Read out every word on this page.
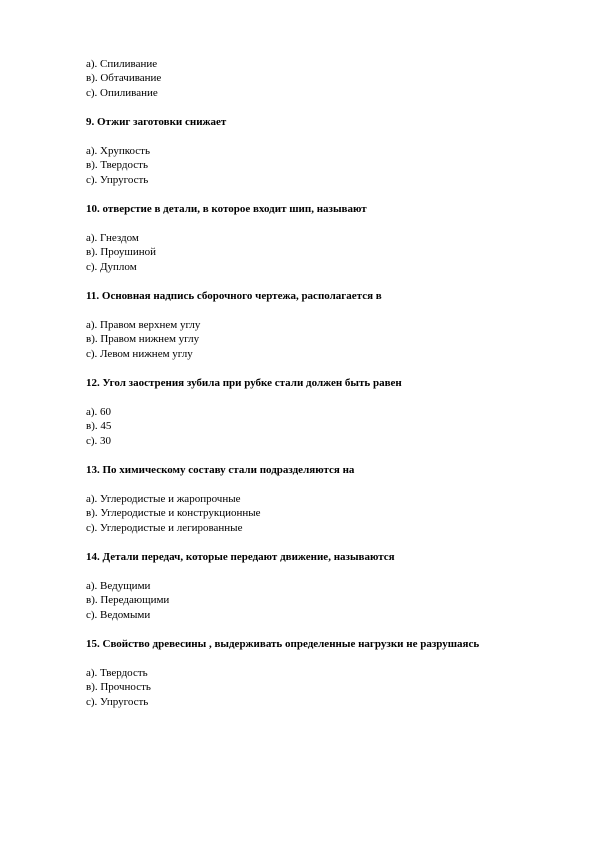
а). Спиливание
в). Обтачивание
с). Опиливание
9. Отжиг заготовки снижает
а). Хрупкость
в). Твердость
с). Упругость
10. отверстие в детали, в которое входит шип, называют
а). Гнездом
в). Проушиной
с). Дуплом
11. Основная надпись сборочного чертежа, располагается в
а). Правом верхнем углу
в). Правом нижнем углу
с). Левом нижнем углу
12. Угол заострения зубила при рубке стали должен быть равен
а). 60
в). 45
с). 30
13. По химическому составу стали подразделяются на
а). Углеродистые и жаропрочные
в). Углеродистые и конструкционные
с). Углеродистые и легированные
14. Детали передач, которые передают движение, называются
а). Ведущими
в). Передающими
с). Ведомыми
15. Свойство древесины , выдерживать определенные нагрузки не разрушаясь
а). Твердость
в). Прочность
с). Упругость
